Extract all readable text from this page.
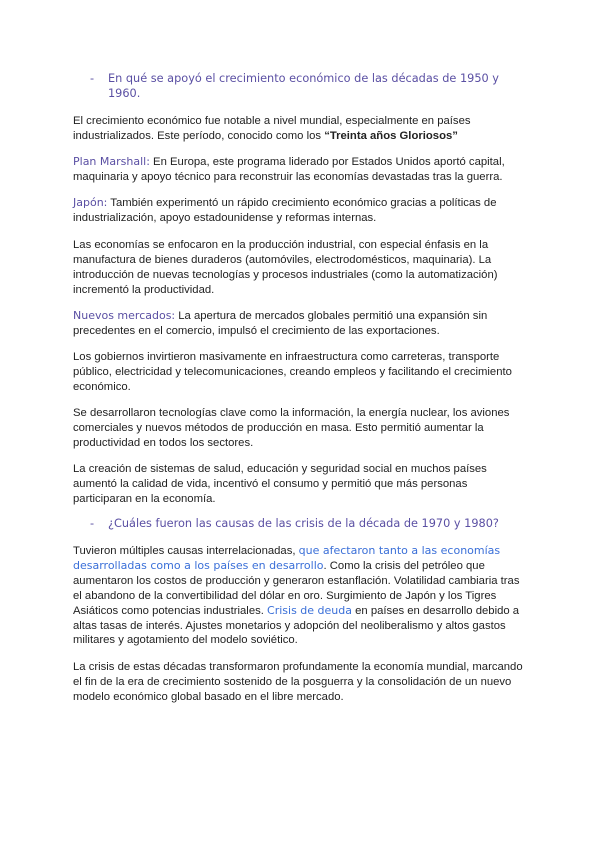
- En qué se apoyó el crecimiento económico de las décadas de 1950 y 1960.

El crecimiento económico fue notable a nivel mundial, especialmente en países industrializados. Este período, conocido como los “Treinta años Gloriosos”

Plan Marshall: En Europa, este programa liderado por Estados Unidos aportó capital, maquinaria y apoyo técnico para reconstruir las economías devastadas tras la guerra.

Japón: También experimentó un rápido crecimiento económico gracias a políticas de industrialización, apoyo estadounidense y reformas internas.

Las economías se enfocaron en la producción industrial, con especial énfasis en la manufactura de bienes duraderos (automóviles, electrodomésticos, maquinaria). La introducción de nuevas tecnologías y procesos industriales (como la automatización) incrementó la productividad.

Nuevos mercados: La apertura de mercados globales permitió una expansión sin precedentes en el comercio, impulsó el crecimiento de las exportaciones.

Los gobiernos invirtieron masivamente en infraestructura como carreteras, transporte público, electricidad y telecomunicaciones, creando empleos y facilitando el crecimiento económico.

Se desarrollaron tecnologías clave como la información, la energía nuclear, los aviones comerciales y nuevos métodos de producción en masa. Esto permitió aumentar la productividad en todos los sectores.

La creación de sistemas de salud, educación y seguridad social en muchos países aumentó la calidad de vida, incentivó el consumo y permitió que más personas participaran en la economía.

- ¿Cuáles fueron las causas de las crisis de la década de 1970 y 1980?

Tuvieron múltiples causas interrelacionadas, que afectaron tanto a las economías desarrolladas como a los países en desarrollo. Como la crisis del petróleo que aumentaron los costos de producción y generaron estanflación. Volatilidad cambiaria tras el abandono de la convertibilidad del dólar en oro. Surgimiento de Japón y los Tigres Asiáticos como potencias industriales. Crisis de deuda en países en desarrollo debido a altas tasas de interés. Ajustes monetarios y adopción del neoliberalismo y altos gastos militares y agotamiento del modelo soviético.

La crisis de estas décadas transformaron profundamente la economía mundial, marcando el fin de la era de crecimiento sostenido de la posguerra y la consolidación de un nuevo modelo económico global basado en el libre mercado.
